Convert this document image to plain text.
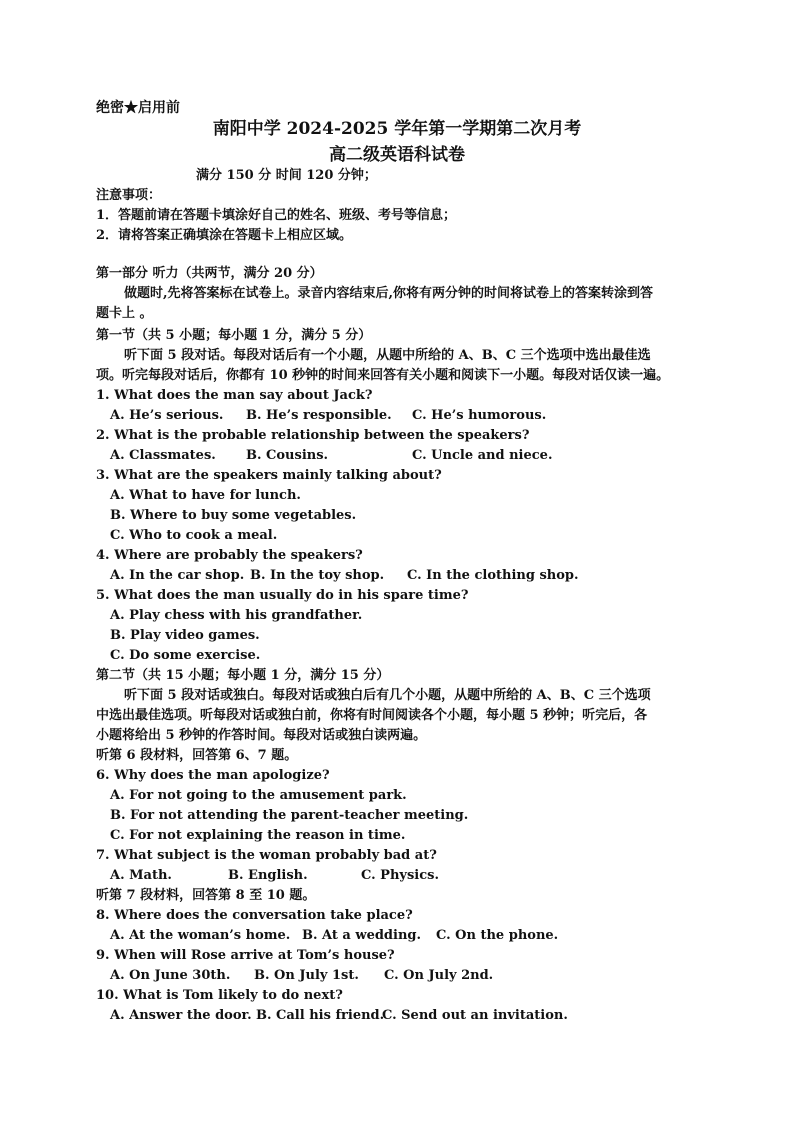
绝密★启用前
南阳中学 2024-2025 学年第一学期第二次月考
高二级英语科试卷
满分 150 分 时间 120 分钟；
注意事项：
1．答题前请在答题卡填涂好自己的姓名、班级、考号等信息；
2．请将答案正确填涂在答题卡上相应区域。
第一部分 听力（共两节，满分 20 分）
做题时,先将答案标在试卷上。录音内容结束后,你将有两分钟的时间将试卷上的答案转涂到答
题卡上 。
第一节（共 5 小题；每小题 1 分，满分 5 分）
听下面 5 段对话。每段对话后有一个小题，从题中所给的 A、B、C 三个选项中选出最佳选
项。听完每段对话后，你都有 10 秒钟的时间来回答有关小题和阅读下一小题。每段对话仅读一遍。
1. What does the man say about Jack?
A. He’s serious. B. He’s responsible. C. He’s humorous.
2. What is the probable relationship between the speakers?
A. Classmates. B. Cousins.	C. Uncle and niece.
3. What are the speakers mainly talking about?
A. What to have for lunch.
B. Where to buy some vegetables.
C. Who to cook a meal.
4. Where are probably the speakers?
A. In the car shop. B. In the toy shop. C. In the clothing shop.
5. What does the man usually do in his spare time?
A. Play chess with his grandfather.
B. Play video games.
C. Do some exercise.
第二节（共 15 小题；每小题 1 分，满分 15 分）
听下面 5 段对话或独白。每段对话或独白后有几个小题，从题中所给的 A、B、C 三个选项
中选出最佳选项。听每段对话或独白前，你将有时间阅读各个小题，每小题 5 秒钟；听完后，各
小题将给出 5 秒钟的作答时间。每段对话或独白读两遍。
听第 6 段材料，回答第 6、7 题。
6. Why does the man apologize?
A. For not going to the amusement park.
B. For not attending the parent-teacher meeting.
C. For not explaining the reason in time.
7. What subject is the woman probably bad at?
A. Math.	B. English.	C. Physics.
听第 7 段材料，回答第 8 至 10 题。
8. Where does the conversation take place?
A. At the woman’s home. B. At a wedding. C. On the phone.
9. When will Rose arrive at Tom’s house?
A. On June 30th. B. On July 1st. C. On July 2nd.
10. What is Tom likely to do next?
A. Answer the door. B. Call his friend.
C. Send out an invitation.
